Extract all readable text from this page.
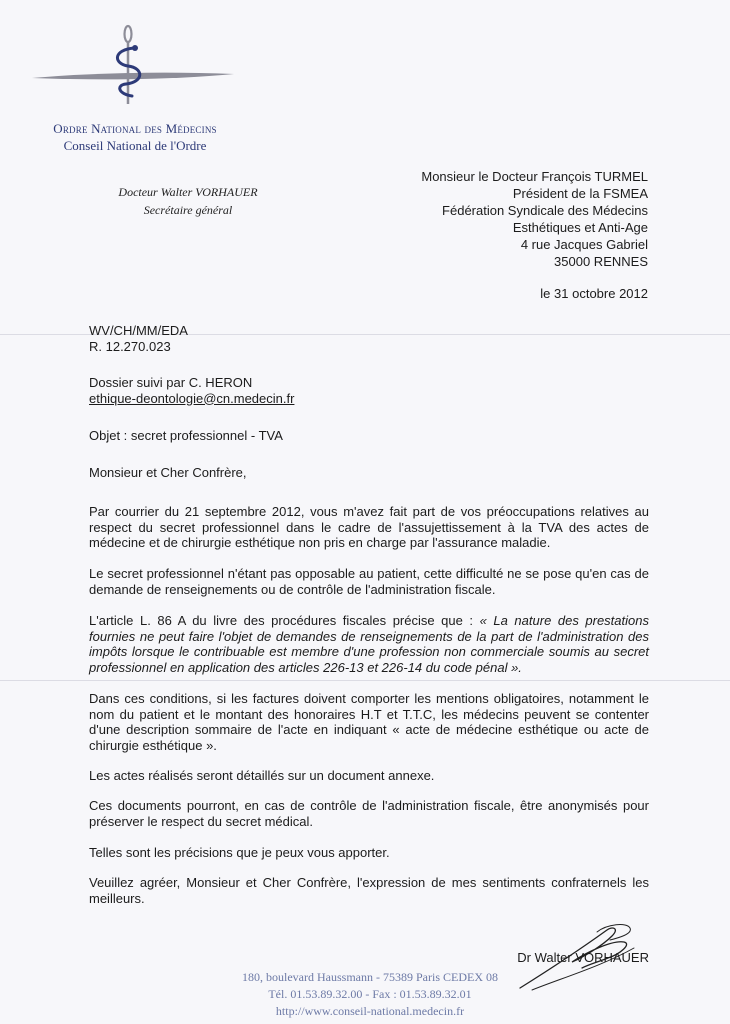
Ordre National des Médecins
Conseil National de l'Ordre
Docteur Walter VORHAUER
Secrétaire général
Monsieur le Docteur François TURMEL
Président de la FSMEA
Fédération Syndicale des Médecins
Esthétiques et Anti-Age
4 rue Jacques Gabriel
35000 RENNES
le 31 octobre 2012
WV/CH/MM/EDA
R. 12.270.023
Dossier suivi par C. HERON
ethique-deontologie@cn.medecin.fr
Objet : secret professionnel - TVA
Monsieur et Cher Confrère,
Par courrier du 21 septembre 2012, vous m'avez fait part de vos préoccupations relatives au respect du secret professionnel dans le cadre de l'assujettissement à la TVA des actes de médecine et de chirurgie esthétique non pris en charge par l'assurance maladie.
Le secret professionnel n'étant pas opposable au patient, cette difficulté ne se pose qu'en cas de demande de renseignements ou de contrôle de l'administration fiscale.
L'article L. 86 A du livre des procédures fiscales précise que : « La nature des prestations fournies ne peut faire l'objet de demandes de renseignements de la part de l'administration des impôts lorsque le contribuable est membre d'une profession non commerciale soumis au secret professionnel en application des articles 226-13 et 226-14 du code pénal ».
Dans ces conditions, si les factures doivent comporter les mentions obligatoires, notamment le nom du patient et le montant des honoraires H.T et T.T.C, les médecins peuvent se contenter d'une description sommaire de l'acte en indiquant « acte de médecine esthétique ou acte de chirurgie esthétique ».
Les actes réalisés seront détaillés sur un document annexe.
Ces documents pourront, en cas de contrôle de l'administration fiscale, être anonymisés pour préserver le respect du secret médical.
Telles sont les précisions que je peux vous apporter.
Veuillez agréer, Monsieur et Cher Confrère, l'expression de mes sentiments confraternels les meilleurs.
Dr Walter VORHAUER
180, boulevard Haussmann - 75389 Paris CEDEX 08
Tél. 01.53.89.32.00 - Fax : 01.53.89.32.01
http://www.conseil-national.medecin.fr
